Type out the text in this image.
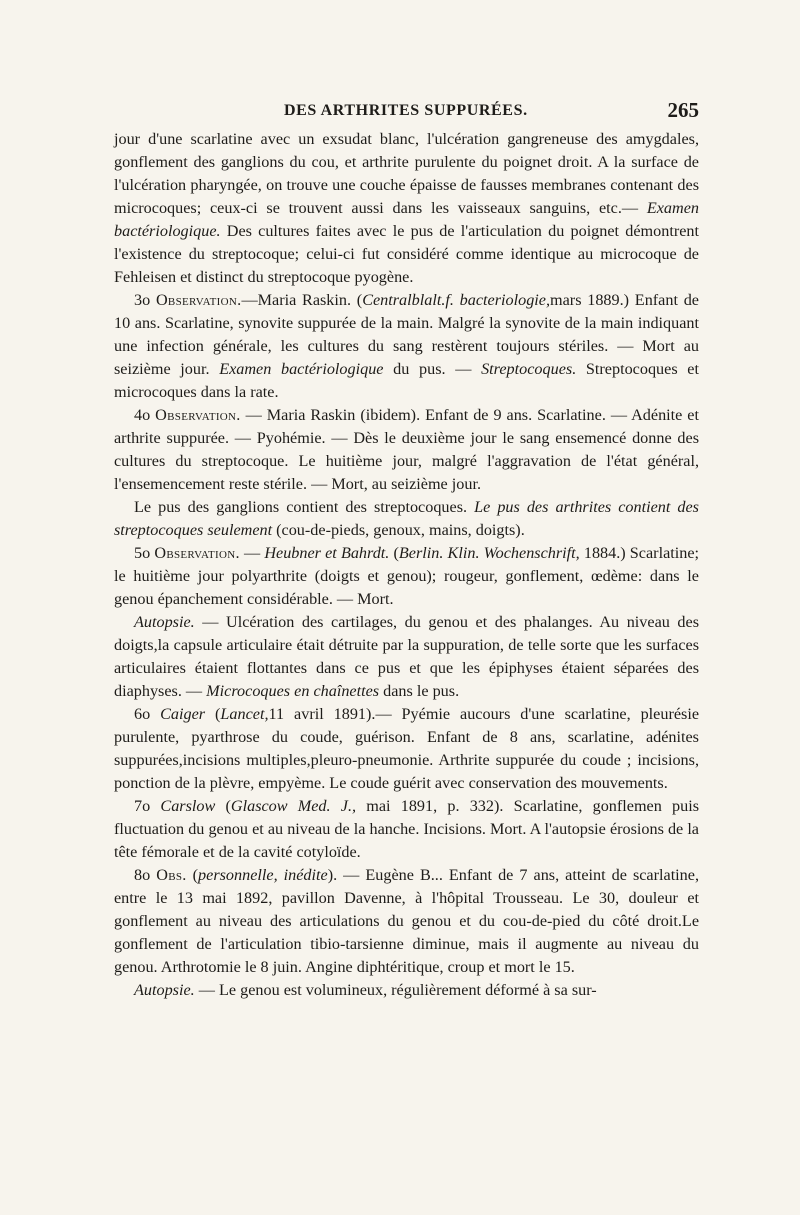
DES ARTHRITES SUPPURÉES.	265

jour d'une scarlatine avec un exsudat blanc, l'ulcération gangreneuse des amygdales, gonflement des ganglions du cou, et arthrite purulente du poignet droit. A la surface de l'ulcération pharyngée, on trouve une couche épaisse de fausses membranes contenant des microcoques; ceux-ci se trouvent aussi dans les vaisseaux sanguins, etc.— Examen bactériologique. Des cultures faites avec le pus de l'articulation du poignet démontrent l'existence du streptocoque; celui-ci fut considéré comme identique au microcoque de Fehleisen et distinct du streptocoque pyogène.

3o Observation.—Maria Raskin. (Centralblalt.f. bacteriologie,mars 1889.) Enfant de 10 ans. Scarlatine, synovite suppurée de la main. Malgré la synovite de la main indiquant une infection générale, les cultures du sang restèrent toujours stériles. — Mort au seizième jour. Examen bactériologique du pus. — Streptocoques. Streptocoques et microcoques dans la rate.

4o Observation. — Maria Raskin (ibidem). Enfant de 9 ans. Scarlatine. — Adénite et arthrite suppurée. — Pyohémie. — Dès le deuxième jour le sang ensemencé donne des cultures du streptocoque. Le huitième jour, malgré l'aggravation de l'état général, l'ensemencement reste stérile. — Mort, au seizième jour.

Le pus des ganglions contient des streptocoques. Le pus des arthrites contient des streptocoques seulement (cou-de-pieds, genoux, mains, doigts).

5o Observation. — Heubner et Bahrdt. (Berlin. Klin. Wochenschrift, 1884.) Scarlatine; le huitième jour polyarthrite (doigts et genou); rougeur, gonflement, œdème: dans le genou épanchement considérable. — Mort.

Autopsie. — Ulcération des cartilages, du genou et des phalanges. Au niveau des doigts,la capsule articulaire était détruite par la suppuration, de telle sorte que les surfaces articulaires étaient flottantes dans ce pus et que les épiphyses étaient séparées des diaphyses. — Microcoques en chaînettes dans le pus.

6o Caiger (Lancet,11 avril 1891).— Pyémie aucours d'une scarlatine, pleurésie purulente, pyarthrose du coude, guérison. Enfant de 8 ans, scarlatine, adénites suppurées,incisions multiples,pleuro-pneumonie. Arthrite suppurée du coude ; incisions, ponction de la plèvre, empyème. Le coude guérit avec conservation des mouvements.

7o Carslow (Glascow Med. J., mai 1891, p. 332). Scarlatine, gonflemen puis fluctuation du genou et au niveau de la hanche. Incisions. Mort. A l'autopsie érosions de la tête fémorale et de la cavité cotyloïde.

8o Obs. (personnelle, inédite). — Eugène B... Enfant de 7 ans, atteint de scarlatine, entre le 13 mai 1892, pavillon Davenne, à l'hôpital Trousseau. Le 30, douleur et gonflement au niveau des articulations du genou et du cou-de-pied du côté droit.Le gonflement de l'articulation tibio-tarsienne diminue, mais il augmente au niveau du genou. Arthrotomie le 8 juin. Angine diphtéritique, croup et mort le 15.

Autopsie. — Le genou est volumineux, régulièrement déformé à sa sur-
